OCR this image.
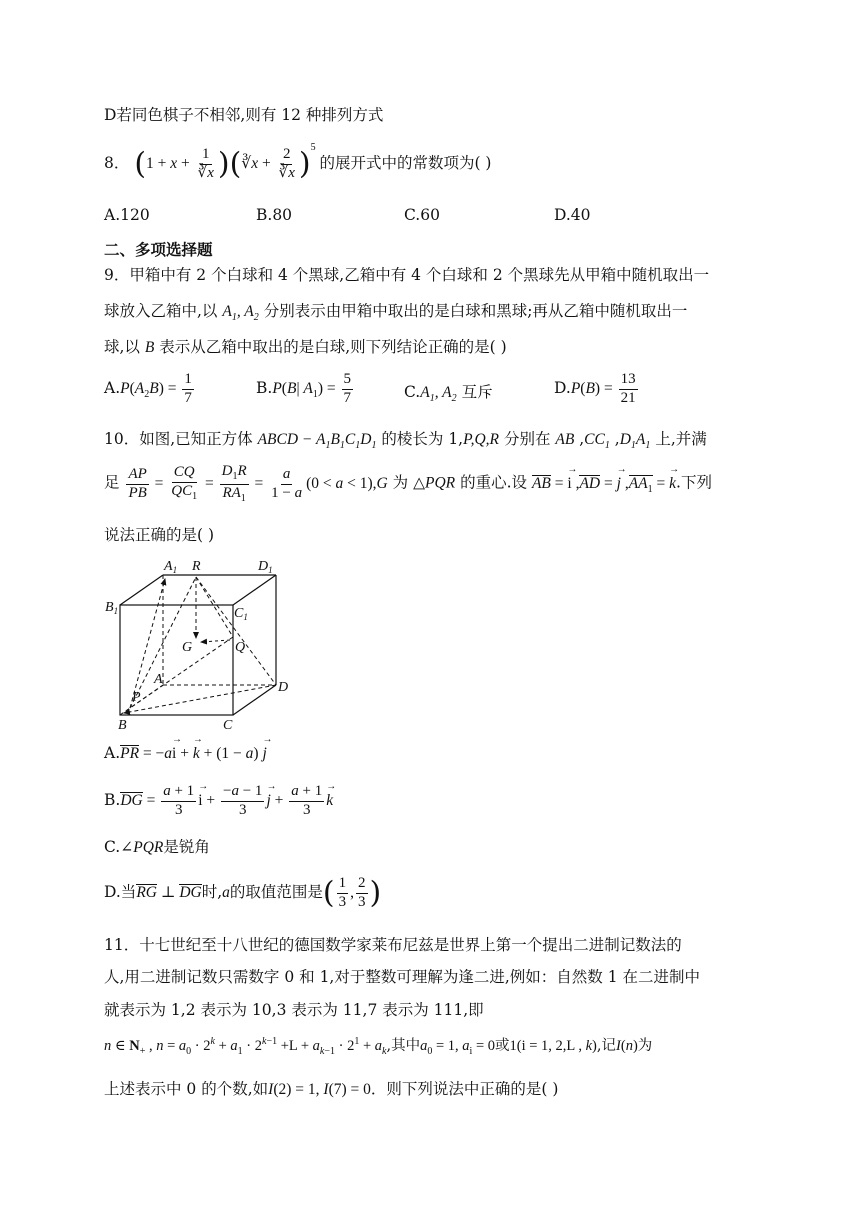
D若同色棋子不相邻,则有 12 种排列方式
8． ($1 + x + \frac{1}{∛x}$ )(∛x + $\frac{2}{∛x} )^5$ 的展开式中的常数项为( )
A.120	B.80	C.60	D.40
二、多项选择题
9．甲箱中有 2 个白球和 4 个黑球,乙箱中有 4 个白球和 2 个黑球先从甲箱中随机取出一
球放入乙箱中,以 $A_1$, $A_2$ 分别表示由甲箱中取出的是白球和黑球;再从乙箱中随机取出一
球,以 B 表示从乙箱中取出的是白球,则下列结论正确的是( )
$A.P(A_2B) = \frac{1}{7}$	B.P(B| $A_1) = \frac{5}{7}$	$C.A_1$, $A_2$ 互斥	$D.P(B) = \frac{13}{21}$
10．如图,已知正方体 ABCD − $A_1B_1C_1D_1$ 的棱长为 1,P,Q,R 分别在 AB $,CC_1$ $,D_1A_1$ 上,并满
足 $\frac{AP}{PB} = \frac{CQ}{QC_1} = \frac{D_1R}{RA_1} = \frac{a}{1 - a} (0 < a < 1),G$ 为 △PQR 的重心.设 AB = $i \to ,AD = j \to ,AA_1 = k$ →.下列
说法正确的是( )
$A_1$ R	$D_1$
$B_1$	$C_1$
G	Q
A
D
P
B	C
A.PR = −ai → + k → + (1 − a) j →
$B.DG = \frac{a + 1}{3}$ i → + $\frac{-a - 1}{3}$ j → + $\frac{a + 1}{3}$ k →
C.∠PQR是锐角
D.当RG ⊥ DG时,a的取值范围是( $\frac{1}{3}$ , $\frac{2}{3}$ )
11．十七世纪至十八世纪的德国数学家莱布尼兹是世界上第一个提出二进制记数法的
人,用二进制记数只需数字 0 和 1,对于整数可理解为逢二进,例如：自然数 1 在二进制中
就表示为 1,2 表示为 10,3 表示为 11,7 表示为 111,即
n ∈ $N_+$ , $n = a_0 \cdot 2^k + a_1 \cdot 2^{k-1} +L + a_{k-1} \cdot 2^1 + a_k$,其中$a_0 = 1$, $a_i = 0$或1(i = 1, 2,L , k),记I(n)为
上述表示中 0 的个数,如I(2) = 1, I(7) = 0．则下列说法中正确的是( )
